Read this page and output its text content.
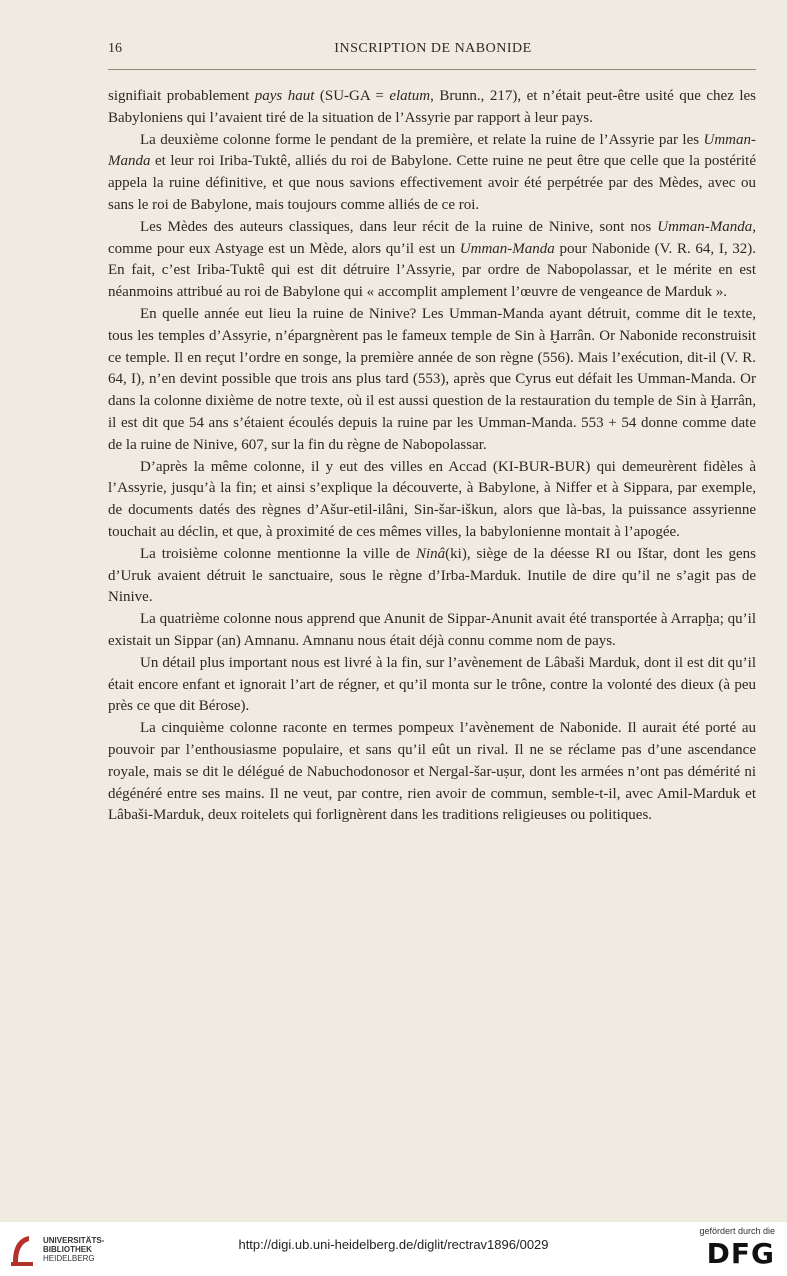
16	INSCRIPTION DE NABONIDE

signifiait probablement pays haut (SU-GA = elatum, Brunn., 217), et n’était peut-être usité que chez les Babyloniens qui l’avaient tiré de la situation de l’Assyrie par rapport à leur pays.

La deuxième colonne forme le pendant de la première, et relate la ruine de l’Assyrie par les Umman-Manda et leur roi Iriba-Tuktê, alliés du roi de Babylone. Cette ruine ne peut être que celle que la postérité appela la ruine définitive, et que nous savions effectivement avoir été perpétrée par des Mèdes, avec ou sans le roi de Babylone, mais toujours comme alliés de ce roi.

Les Mèdes des auteurs classiques, dans leur récit de la ruine de Ninive, sont nos Umman-Manda, comme pour eux Astyage est un Mède, alors qu’il est un Umman-Manda pour Nabonide (V. R. 64, I, 32). En fait, c’est Iriba-Tuktê qui est dit détruire l’Assyrie, par ordre de Nabopolassar, et le mérite en est néanmoins attribué au roi de Babylone qui « accomplit amplement l’œuvre de vengeance de Marduk ».

En quelle année eut lieu la ruine de Ninive? Les Umman-Manda ayant détruit, comme dit le texte, tous les temples d’Assyrie, n’épargnèrent pas le fameux temple de Sin à Ḫarrân. Or Nabonide reconstruisit ce temple. Il en reçut l’ordre en songe, la première année de son règne (556). Mais l’exécution, dit-il (V. R. 64, I), n’en devint possible que trois ans plus tard (553), après que Cyrus eut défait les Umman-Manda. Or dans la colonne dixième de notre texte, où il est aussi question de la restauration du temple de Sin à Ḫarrân, il est dit que 54 ans s’étaient écoulés depuis la ruine par les Umman-Manda. 553 + 54 donne comme date de la ruine de Ninive, 607, sur la fin du règne de Nabopolassar.

D’après la même colonne, il y eut des villes en Accad (KI-BUR-BUR) qui demeurèrent fidèles à l’Assyrie, jusqu’à la fin; et ainsi s’explique la découverte, à Babylone, à Niffer et à Sippara, par exemple, de documents datés des règnes d’Ašur-etil-ilâni, Sin-šar-iškun, alors que là-bas, la puissance assyrienne touchait au déclin, et que, à proximité de ces mêmes villes, la babylonienne montait à l’apogée.

La troisième colonne mentionne la ville de Ninâ(ki), siège de la déesse RI ou Ištar, dont les gens d’Uruk avaient détruit le sanctuaire, sous le règne d’Irba-Marduk. Inutile de dire qu’il ne s’agit pas de Ninive.

La quatrième colonne nous apprend que Anunit de Sippar-Anunit avait été transportée à Arrapḫa; qu’il existait un Sippar (an) Amnanu. Amnanu nous était déjà connu comme nom de pays.

Un détail plus important nous est livré à la fin, sur l’avènement de Lâbaši Marduk, dont il est dit qu’il était encore enfant et ignorait l’art de régner, et qu’il monta sur le trône, contre la volonté des dieux (à peu près ce que dit Bérose).

La cinquième colonne raconte en termes pompeux l’avènement de Nabonide. Il aurait été porté au pouvoir par l’enthousiasme populaire, et sans qu’il eût un rival. Il ne se réclame pas d’une ascendance royale, mais se dit le délégué de Nabuchodonosor et Nergal-šar-uṣur, dont les armées n’ont pas démérité ni dégénéré entre ses mains. Il ne veut, par contre, rien avoir de commun, semble-t-il, avec Amil-Marduk et Lâbaši-Marduk, deux roitelets qui forlignèrent dans les traditions religieuses ou politiques.

UNIVERSITÄTS-
BIBLIOTHEK
HEIDELBERG
http://digi.ub.uni-heidelberg.de/diglit/rectrav1896/0029
gefördert durch die
DFG
